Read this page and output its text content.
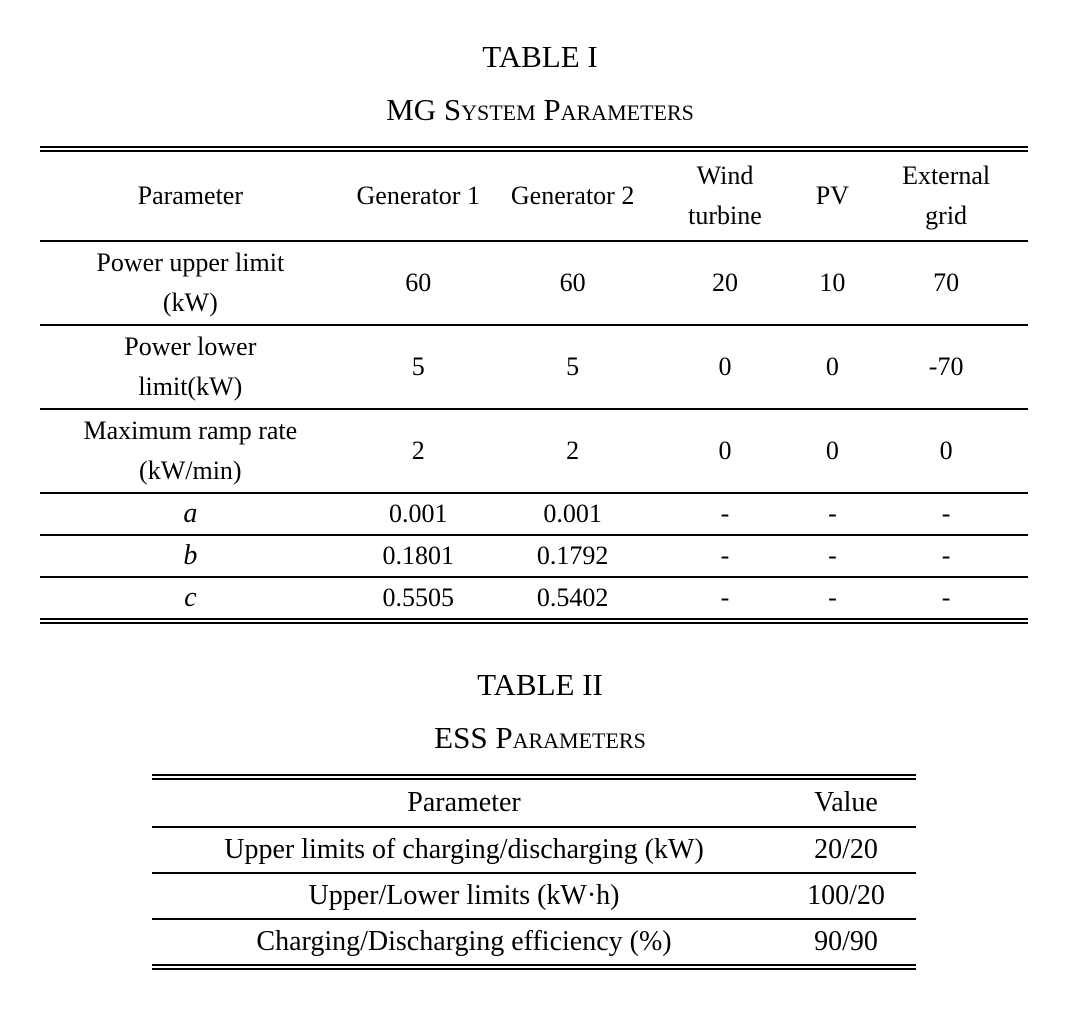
TABLE I
MG System Parameters
Parameter	Generator 1	Generator 2	Wind turbine	PV	External grid
Power upper limit (kW)	60	60	20	10	70
Power lower limit(kW)	5	5	0	0	-70
Maximum ramp rate (kW/min)	2	2	0	0	0
a	0.001	0.001	-	-	-
b	0.1801	0.1792	-	-	-
c	0.5505	0.5402	-	-	-
TABLE II
ESS Parameters
Parameter	Value
Upper limits of charging/discharging (kW)	20/20
Upper/Lower limits (kW·h)	100/20
Charging/Discharging efficiency (%)	90/90
